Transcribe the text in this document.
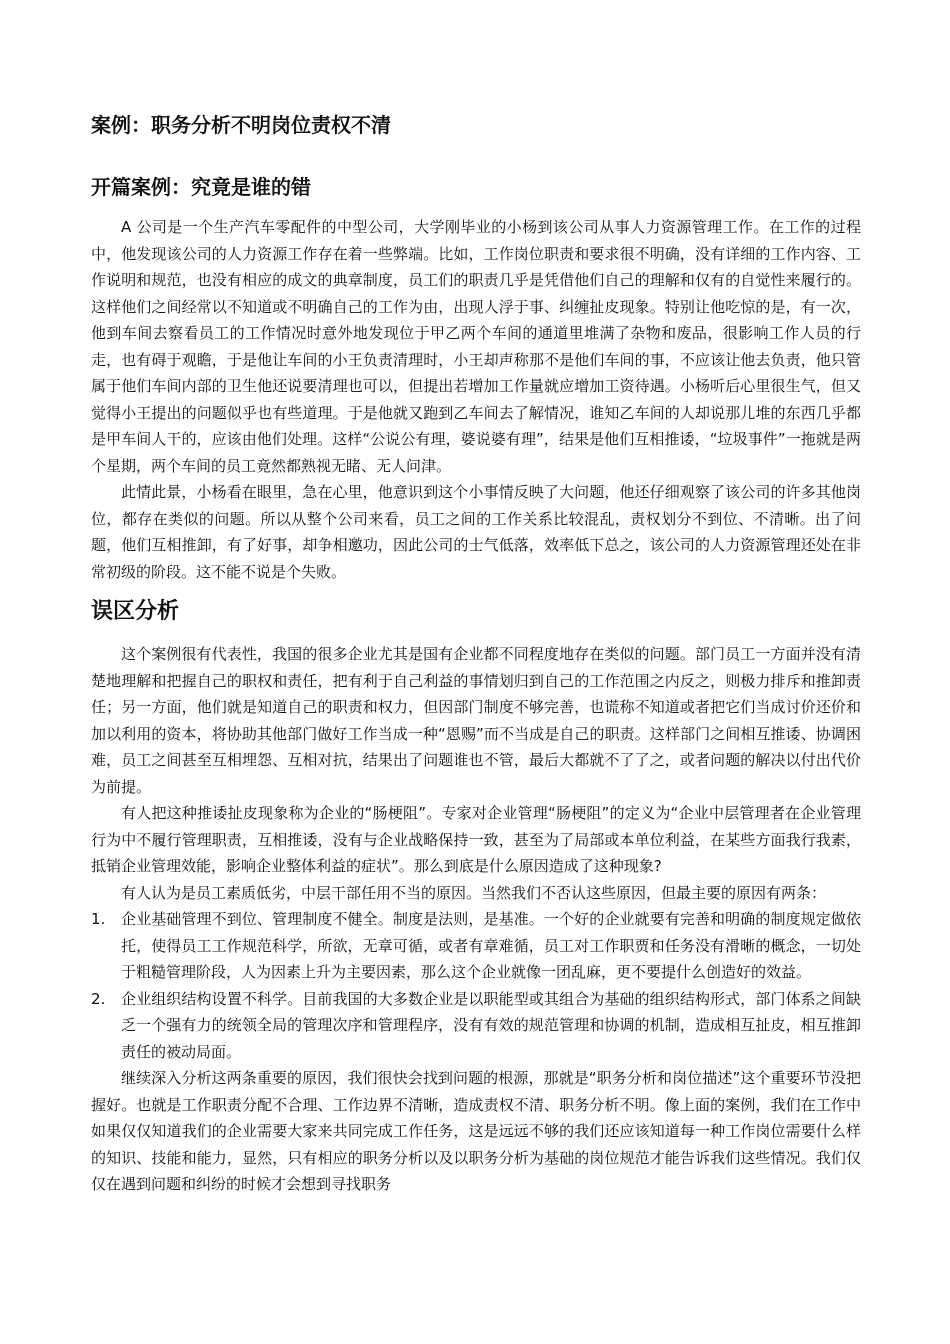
案例：职务分析不明岗位责权不清
开篇案例：究竟是谁的错

A 公司是一个生产汽车零配件的中型公司，大学刚毕业的小杨到该公司从事人力资源管理工作。在工作的过程中，他发现该公司的人力资源工作存在着一些弊端。比如，工作岗位职责和要求很不明确，没有详细的工作内容、工作说明和规范，也没有相应的成文的典章制度，员工们的职责几乎是凭借他们自己的理解和仅有的自觉性来履行的。这样他们之间经常以不知道或不明确自己的工作为由，出现人浮于事、纠缠扯皮现象。特别让他吃惊的是，有一次，他到车间去察看员工的工作情况时意外地发现位于甲乙两个车间的通道里堆满了杂物和废品，很影响工作人员的行走，也有碍于观瞻，于是他让车间的小王负责清理时，小王却声称那不是他们车间的事，不应该让他去负责，他只管属于他们车间内部的卫生他还说要清理也可以，但提出若增加工作量就应增加工资待遇。小杨听后心里很生气，但又觉得小王提出的问题似乎也有些道理。于是他就又跑到乙车间去了解情况，谁知乙车间的人却说那儿堆的东西几乎都是甲车间人干的，应该由他们处理。这样“公说公有理，婆说婆有理”，结果是他们互相推诿，“垃圾事件”一拖就是两个星期，两个车间的员工竟然都熟视无睹、无人问津。

此情此景，小杨看在眼里，急在心里，他意识到这个小事情反映了大问题，他还仔细观察了该公司的许多其他岗位，都存在类似的问题。所以从整个公司来看，员工之间的工作关系比较混乱，责权划分不到位、不清晰。出了问题，他们互相推卸，有了好事，却争相邀功，因此公司的士气低落，效率低下总之，该公司的人力资源管理还处在非常初级的阶段。这不能不说是个失败。

误区分析

这个案例很有代表性，我国的很多企业尤其是国有企业都不同程度地存在类似的问题。部门员工一方面并没有清楚地理解和把握自己的职权和责任，把有利于自己利益的事情划归到自己的工作范围之内反之，则极力排斥和推卸责任；另一方面，他们就是知道自己的职责和权力，但因部门制度不够完善，也谎称不知道或者把它们当成讨价还价和加以利用的资本，将协助其他部门做好工作当成一种“恩赐”而不当成是自己的职责。这样部门之间相互推诿、协调困难，员工之间甚至互相埋怨、互相对抗，结果出了问题谁也不管，最后大都就不了了之，或者问题的解决以付出代价为前提。

有人把这种推诿扯皮现象称为企业的“肠梗阻”。专家对企业管理“肠梗阻”的定义为“企业中层管理者在企业管理行为中不履行管理职责，互相推诿，没有与企业战略保持一致，甚至为了局部或本单位利益，在某些方面我行我素，抵销企业管理效能，影响企业整体利益的症状”。那么到底是什么原因造成了这种现象?

有人认为是员工素质低劣，中层干部任用不当的原因。当然我们不否认这些原因，但最主要的原因有两条：

1. 企业基础管理不到位、管理制度不健全。制度是法则，是基准。一个好的企业就要有完善和明确的制度规定做依托，使得员工工作规范科学，所欲，无章可循，或者有章难循，员工对工作职贾和任务没有滑晰的概念，一切处于粗糙管理阶段，人为因素上升为主要因素，那么这个企业就像一团乱麻，更不要提什么创造好的效益。
2. 企业组织结构设置不科学。目前我国的大多数企业是以职能型或其组合为基础的组织结构形式，部门体系之间缺乏一个强有力的统领全局的管理次序和管理程序，没有有效的规范管理和协调的机制，造成相互扯皮，相互推卸责任的被动局面。

继续深入分析这两条重要的原因，我们很快会找到问题的根源，那就是“职务分析和岗位描述”这个重要环节没把握好。也就是工作职责分配不合理、工作边界不清晰，造成责权不清、职务分析不明。像上面的案例，我们在工作中如果仅仅知道我们的企业需要大家来共同完成工作任务，这是远远不够的我们还应该知道每一种工作岗位需要什么样的知识、技能和能力，显然，只有相应的职务分析以及以职务分析为基础的岗位规范才能告诉我们这些情况。我们仅仅在遇到问题和纠纷的时候才会想到寻找职务
